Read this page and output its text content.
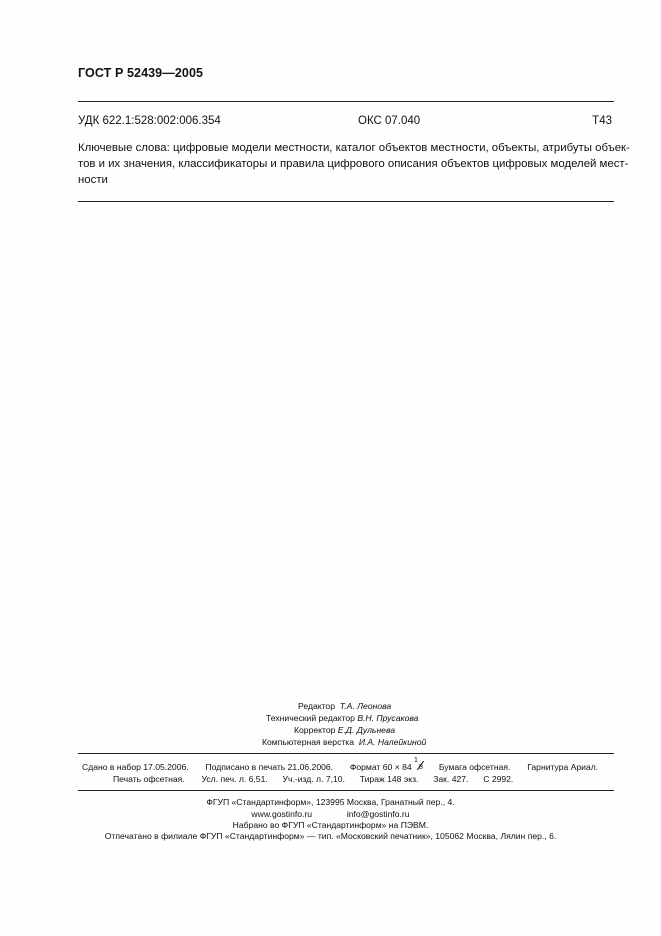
ГОСТ Р 52439—2005
УДК 622.1:528:002:006.354	ОКС 07.040	Т43
Ключевые слова: цифровые модели местности, каталог объектов местности, объекты, атрибуты объек-
тов и их значения, классификаторы и правила цифрового описания объектов цифровых моделей мест-
ности
Редактор Т.А. Леонова
Технический редактор В.Н. Прусакова
Корректор Е.Д. Дульнева
Компьютерная верстка И.А. Налейкиной
Сдано в набор 17.05.2006. Подписано в печать 21.06.2006. Формат 60 × 84
1
8 Бумага офсетная. Гарнитура Ариал.
Печать офсетная. Усл. печ. л. 6,51. Уч.-изд. л. 7,10. Тираж 148 экз. Зак. 427. С 2992.
ФГУП «Стандартинформ», 123995 Москва, Гранатный пер., 4.
www.gostinfo.ru	info@gostinfo.ru
Набрано во ФГУП «Стандартинформ» на ПЭВМ.
Отпечатано в филиале ФГУП «Стандартинформ» — тип. «Московский печатник», 105062 Москва, Лялин пер., 6.
